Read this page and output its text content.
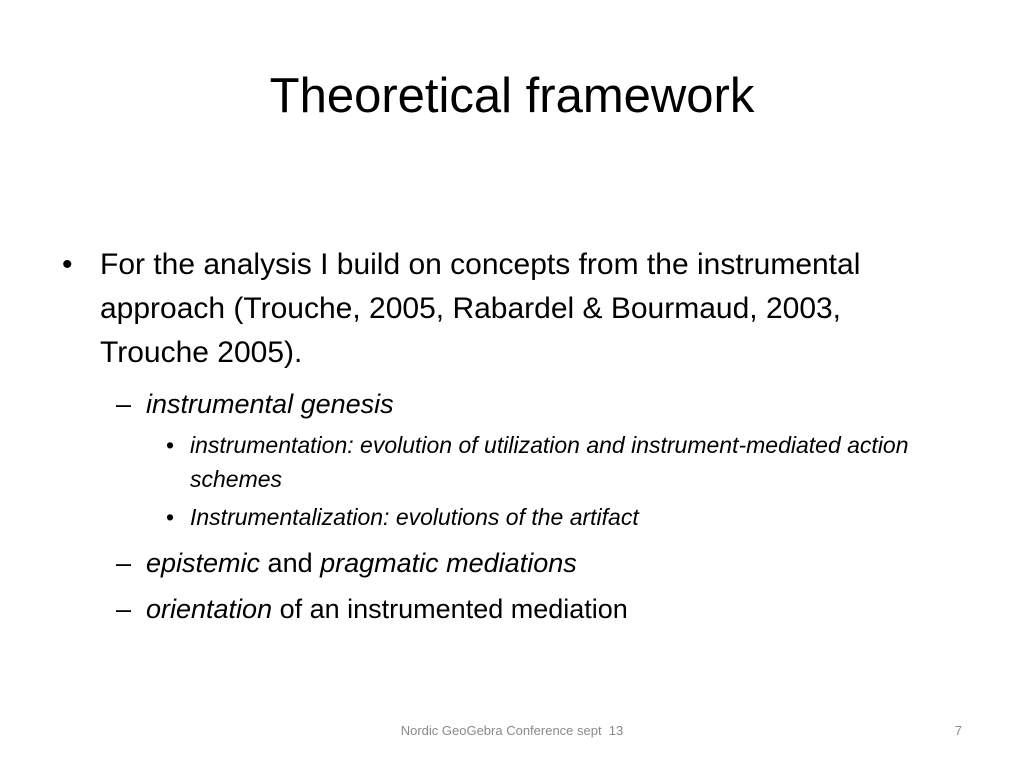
Theoretical framework

• For the analysis I build on concepts from the instrumental approach (Trouche, 2005, Rabardel & Bourmaud, 2003, Trouche 2005).

– instrumental genesis
• instrumentation: evolution of utilization and instrument-mediated action schemes
• Instrumentalization: evolutions of the artifact
– epistemic and pragmatic mediations
– orientation of an instrumented mediation
Nordic GeoGebra Conference sept  13	7
